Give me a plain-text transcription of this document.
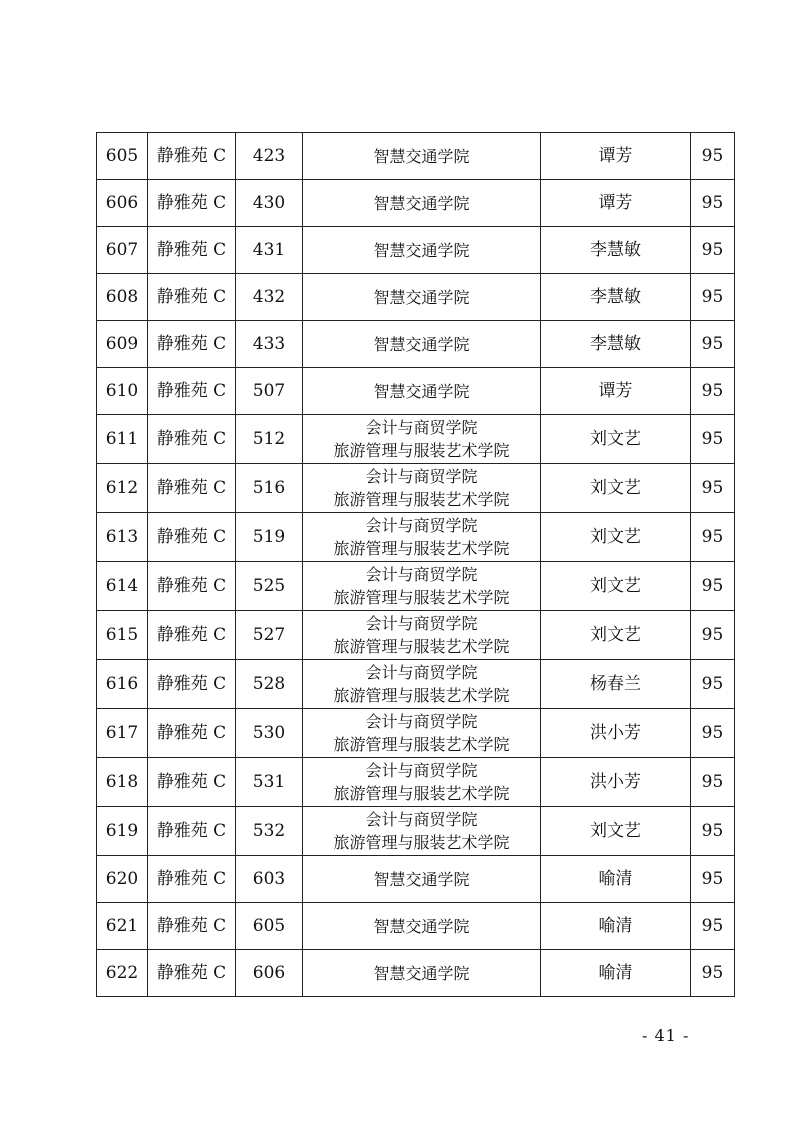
605	静雅苑 C	423	智慧交通学院	谭芳	95
606	静雅苑 C	430	智慧交通学院	谭芳	95
607	静雅苑 C	431	智慧交通学院	李慧敏	95
608	静雅苑 C	432	智慧交通学院	李慧敏	95
609	静雅苑 C	433	智慧交通学院	李慧敏	95
610	静雅苑 C	507	智慧交通学院	谭芳	95
611	静雅苑 C	512	会计与商贸学院
旅游管理与服装艺术学院	刘文艺	95
612	静雅苑 C	516	会计与商贸学院
旅游管理与服装艺术学院	刘文艺	95
613	静雅苑 C	519	会计与商贸学院
旅游管理与服装艺术学院	刘文艺	95
614	静雅苑 C	525	会计与商贸学院
旅游管理与服装艺术学院	刘文艺	95
615	静雅苑 C	527	会计与商贸学院
旅游管理与服装艺术学院	刘文艺	95
616	静雅苑 C	528	会计与商贸学院
旅游管理与服装艺术学院	杨春兰	95
617	静雅苑 C	530	会计与商贸学院
旅游管理与服装艺术学院	洪小芳	95
618	静雅苑 C	531	会计与商贸学院
旅游管理与服装艺术学院	洪小芳	95
619	静雅苑 C	532	会计与商贸学院
旅游管理与服装艺术学院	刘文艺	95
620	静雅苑 C	603	智慧交通学院	喻清	95
621	静雅苑 C	605	智慧交通学院	喻清	95
622	静雅苑 C	606	智慧交通学院	喻清	95
- 41 -
